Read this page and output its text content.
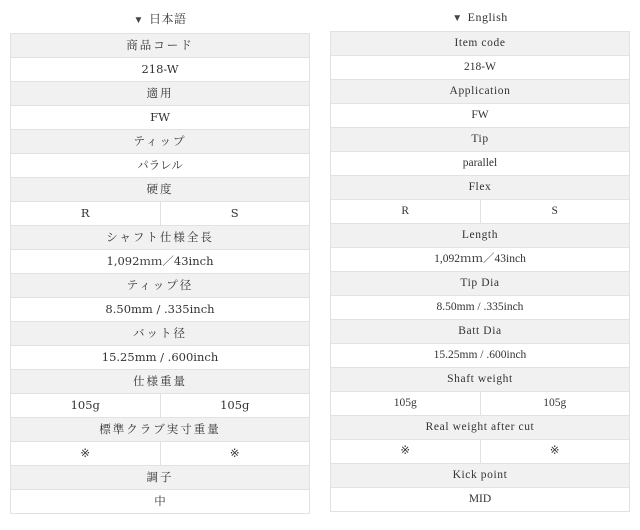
▼ 日本語
商品コード	
218-W	
適用	
FW	
ティップ	
パラレル	
硬度	
R	S
シャフト仕様全長	
1,092ｍｍ／43inch	
ティップ径	
8.50mm / .335inch	
バット径	
15.25mm / .600inch	
仕様重量	
105g	105g
標準クラブ実寸重量	
※	※
調子	
中	
▼ English
Item code	
218-W	
Application	
FW	
Tip	
parallel	
Flex	
R	S
Length	
1,092ｍｍ／43inch	
Tip Dia	
8.50mm / .335inch	
Batt Dia	
15.25mm / .600inch	
Shaft weight	
105g	105g
Real weight after cut	
※	※
Kick point	
MID	
